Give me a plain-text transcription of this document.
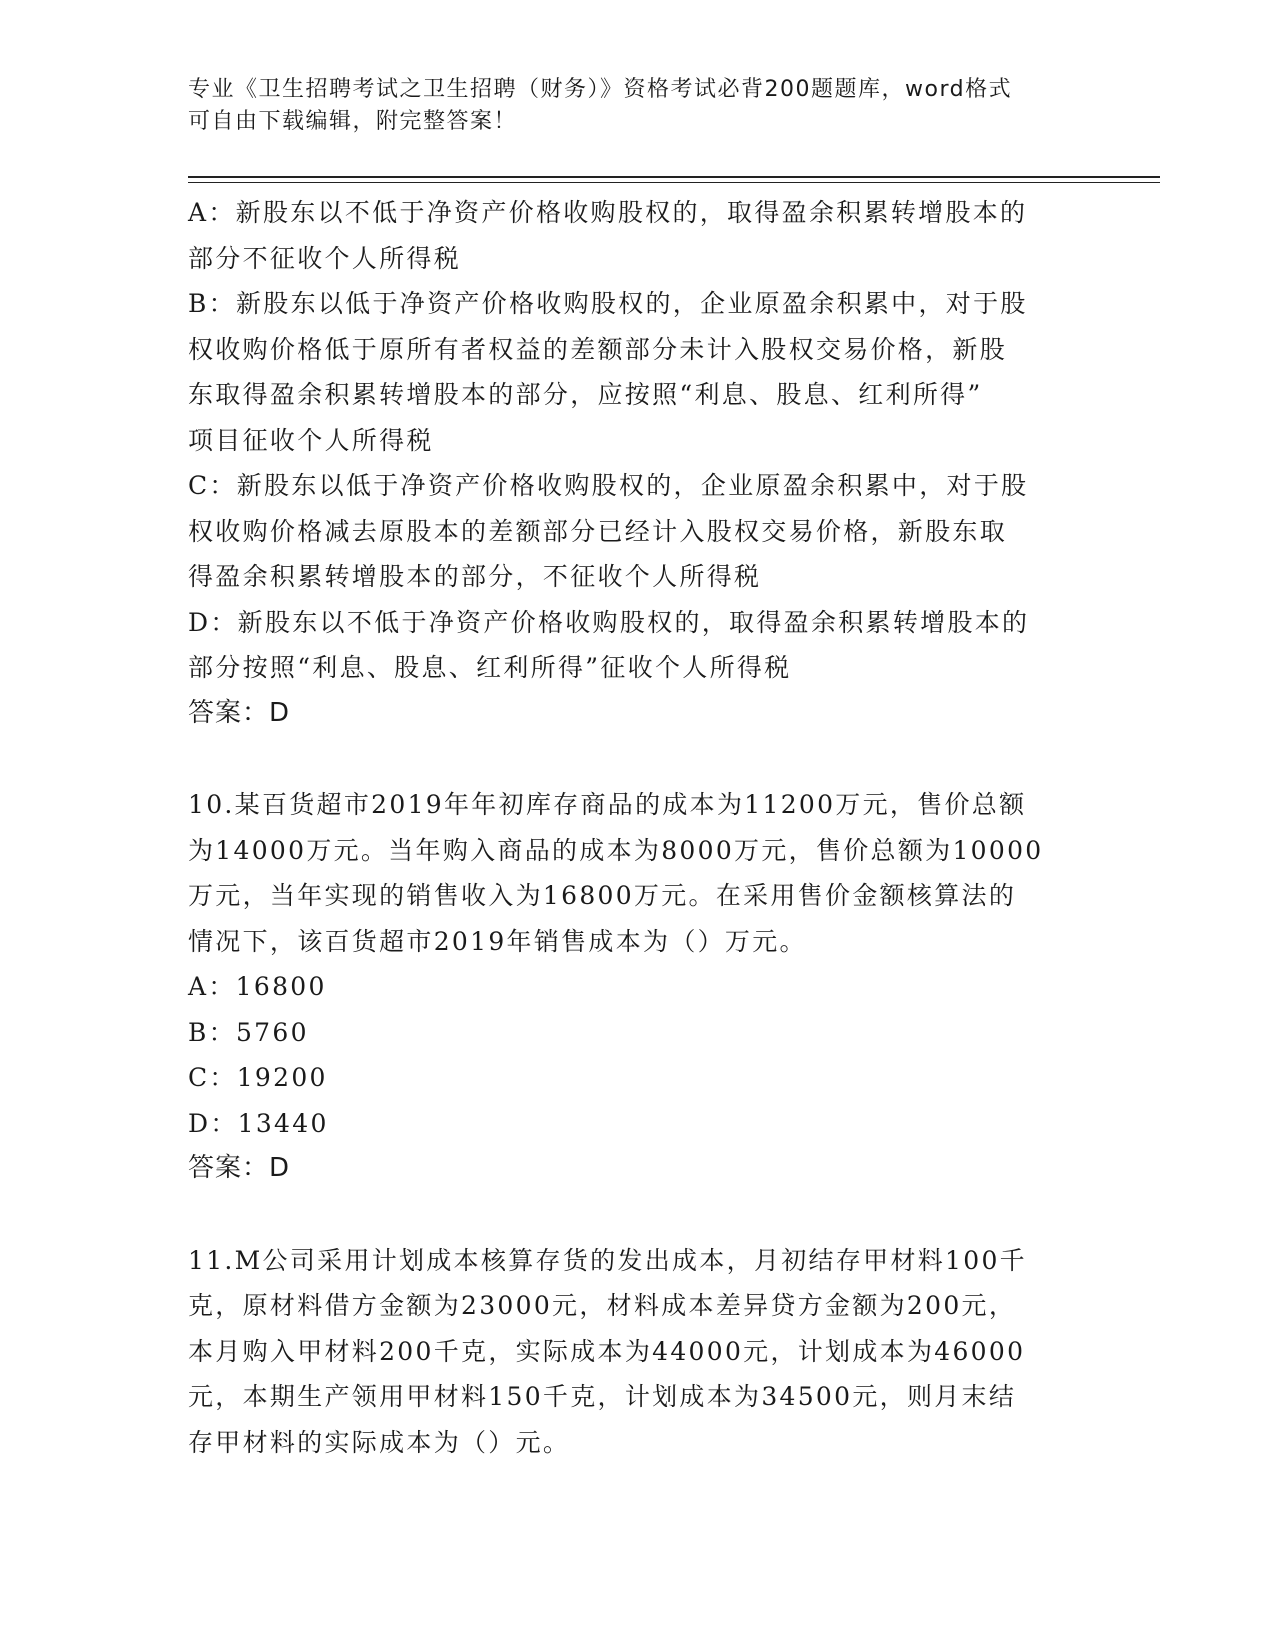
专业《卫生招聘考试之卫生招聘（财务）》资格考试必背200题题库，word格式
可自由下载编辑，附完整答案！

A：新股东以不低于净资产价格收购股权的，取得盈余积累转增股本的

部分不征收个人所得税

B：新股东以低于净资产价格收购股权的，企业原盈余积累中，对于股

权收购价格低于原所有者权益的差额部分未计入股权交易价格，新股

东取得盈余积累转增股本的部分，应按照“利息、股息、红利所得”

项目征收个人所得税

C：新股东以低于净资产价格收购股权的，企业原盈余积累中，对于股

权收购价格减去原股本的差额部分已经计入股权交易价格，新股东取

得盈余积累转增股本的部分，不征收个人所得税

D：新股东以不低于净资产价格收购股权的，取得盈余积累转增股本的

部分按照“利息、股息、红利所得”征收个人所得税

答案：D

10.某百货超市2019年年初库存商品的成本为11200万元，售价总额

为14000万元。当年购入商品的成本为8000万元，售价总额为10000

万元，当年实现的销售收入为16800万元。在采用售价金额核算法的

情况下，该百货超市2019年销售成本为（）万元。

A：16800

B：5760

C：19200

D：13440

答案：D

11.M公司采用计划成本核算存货的发出成本，月初结存甲材料100千

克，原材料借方金额为23000元，材料成本差异贷方金额为200元，

本月购入甲材料200千克，实际成本为44000元，计划成本为46000

元，本期生产领用甲材料150千克，计划成本为34500元，则月末结

存甲材料的实际成本为（）元。
